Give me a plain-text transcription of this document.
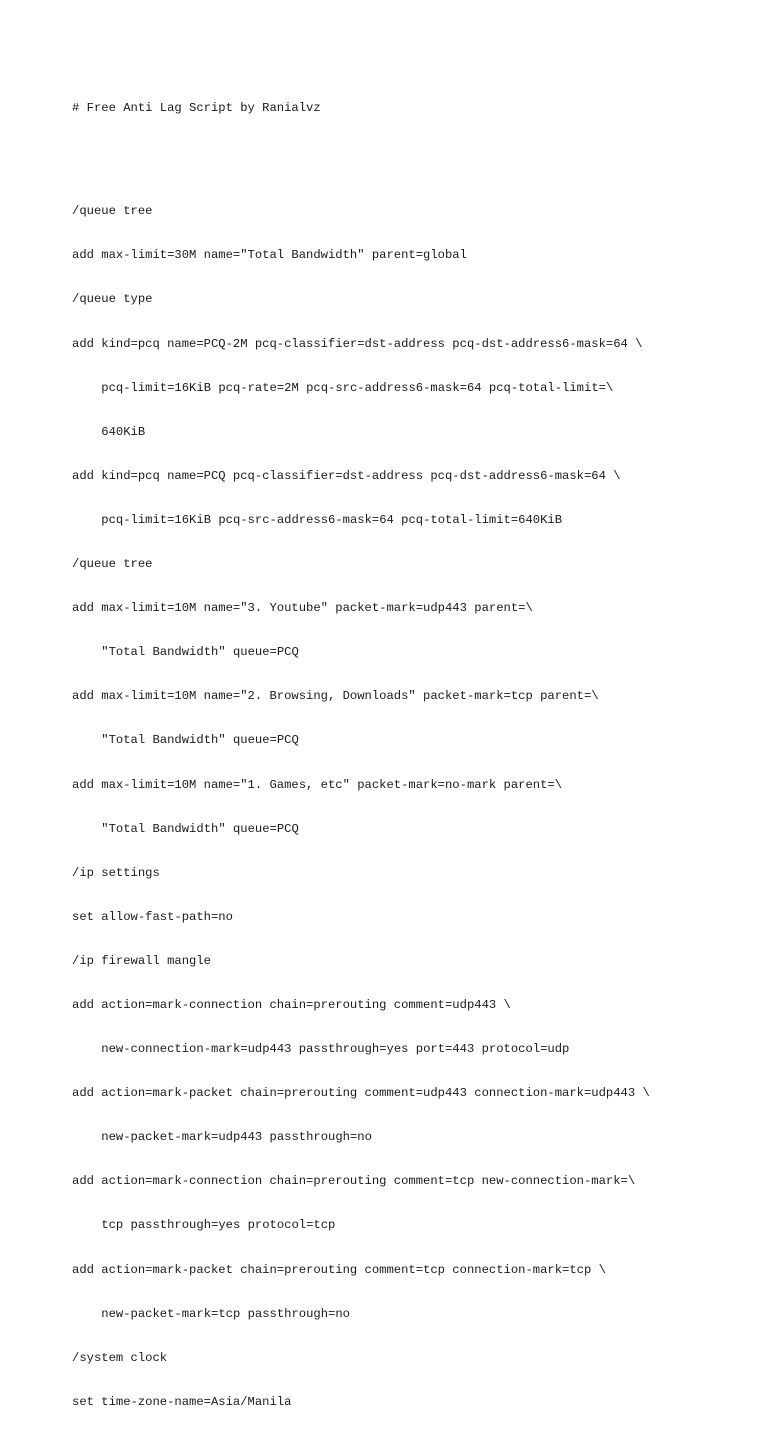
# Free Anti Lag Script by Ranialvz

/queue tree

add max-limit=30M name="Total Bandwidth" parent=global

/queue type

add kind=pcq name=PCQ-2M pcq-classifier=dst-address pcq-dst-address6-mask=64 \

pcq-limit=16KiB pcq-rate=2M pcq-src-address6-mask=64 pcq-total-limit=\

640KiB

add kind=pcq name=PCQ pcq-classifier=dst-address pcq-dst-address6-mask=64 \

pcq-limit=16KiB pcq-src-address6-mask=64 pcq-total-limit=640KiB

/queue tree

add max-limit=10M name="3. Youtube" packet-mark=udp443 parent=\

"Total Bandwidth" queue=PCQ

add max-limit=10M name="2. Browsing, Downloads" packet-mark=tcp parent=\

"Total Bandwidth" queue=PCQ

add max-limit=10M name="1. Games, etc" packet-mark=no-mark parent=\

"Total Bandwidth" queue=PCQ

/ip settings

set allow-fast-path=no

/ip firewall mangle

add action=mark-connection chain=prerouting comment=udp443 \

new-connection-mark=udp443 passthrough=yes port=443 protocol=udp

add action=mark-packet chain=prerouting comment=udp443 connection-mark=udp443 \

new-packet-mark=udp443 passthrough=no

add action=mark-connection chain=prerouting comment=tcp new-connection-mark=\

tcp passthrough=yes protocol=tcp

add action=mark-packet chain=prerouting comment=tcp connection-mark=tcp \

new-packet-mark=tcp passthrough=no

/system clock

set time-zone-name=Asia/Manila
